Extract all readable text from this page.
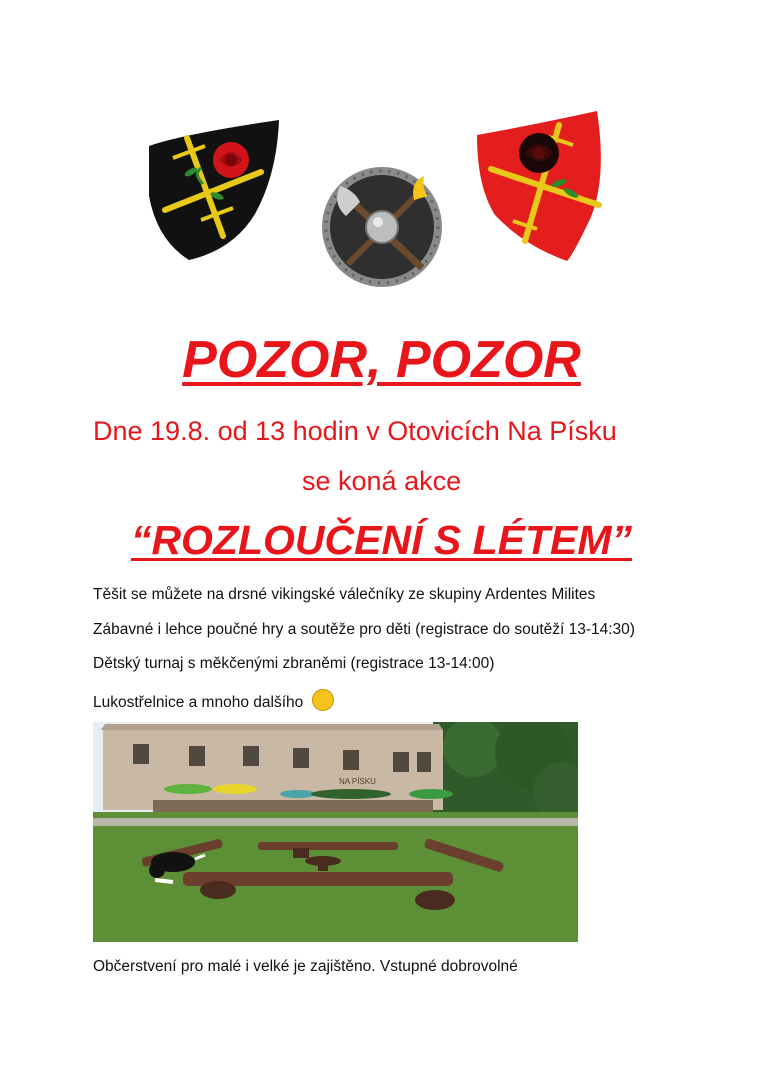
POZOR, POZOR
Dne 19.8. od 13 hodin v Otovicích Na Písku
se koná akce
“ROZLOUČENÍ S LÉTEM”
Těšit se můžete na drsné vikingské válečníky ze skupiny Ardentes Milites
Zábavné i lehce poučné hry a soutěže pro děti (registrace do soutěží 13-14:30)
Dětský turnaj s měkčenými zbraněmi (registrace 13-14:00)
Lukostřelnice a mnoho dalšího
NA PÍSKU
Občerstvení pro malé i velké je zajištěno. Vstupné dobrovolné
